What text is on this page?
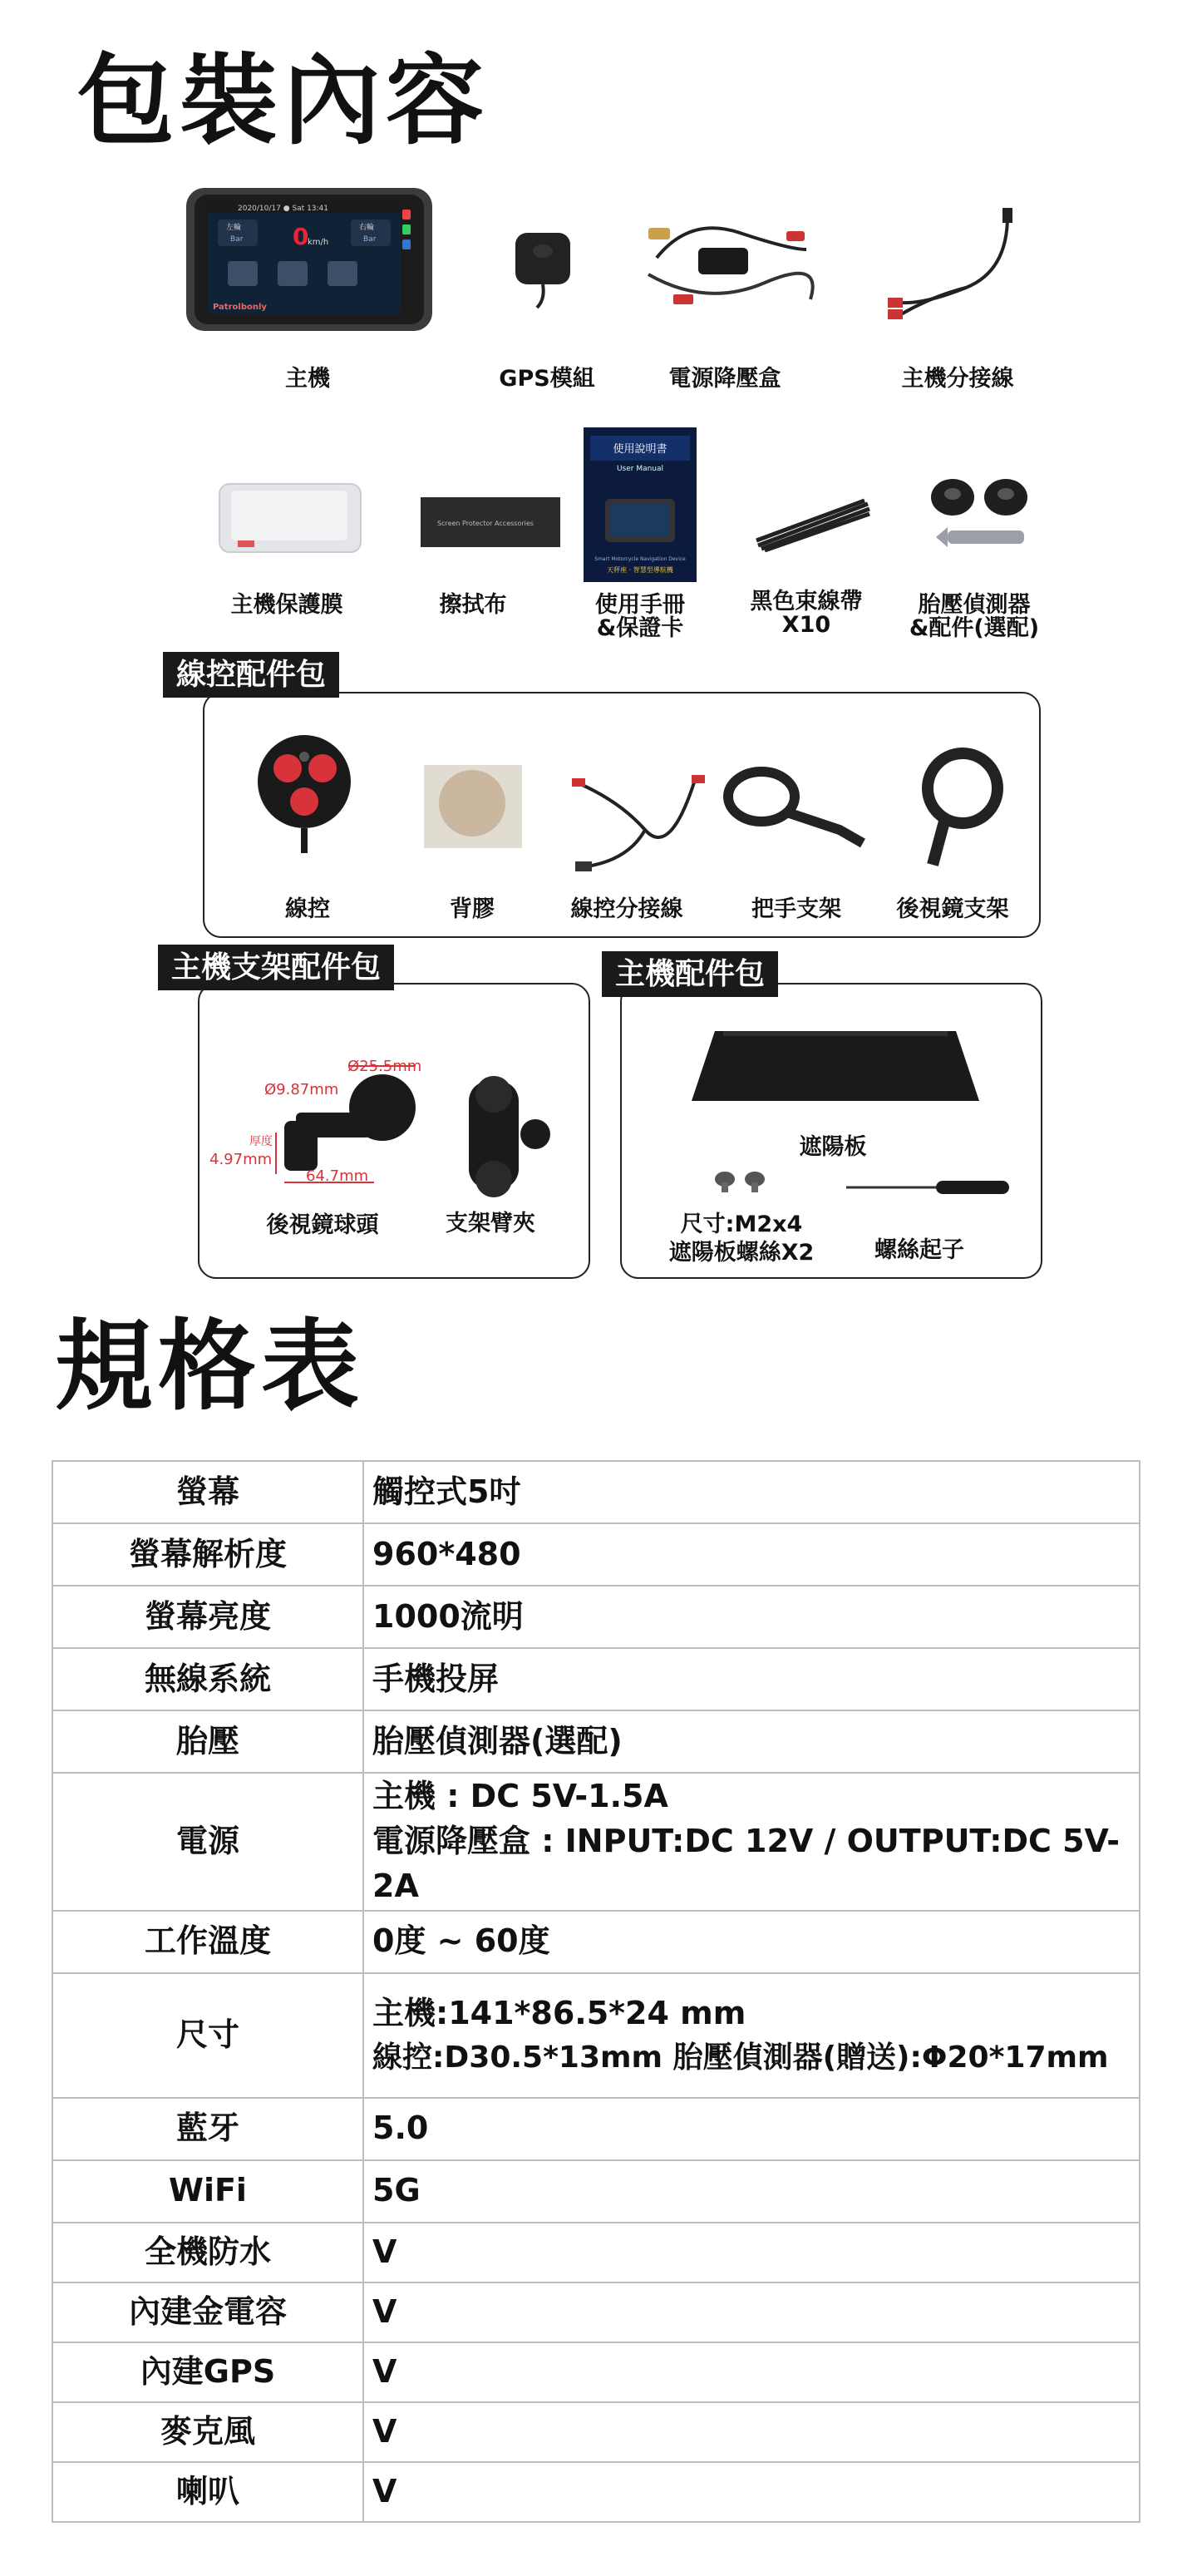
包裝內容
2020/10/17 ● Sat 13:41
左輪
Bar
右輪
Bar
0
km/h
Patrolbonly
主機	GPS模組	電源降壓盒	主機分接線
Screen Protector Accessories
使用說明書
User Manual
Smart Motorcycle Navigation Device
天秤座 · 智慧型導航機
主機保護膜	擦拭布	使用手冊
&保證卡
黑色束線帶
X10
胎壓偵測器
&配件(選配)
線控配件包
線控	背膠	線控分接線	把手支架 後視鏡支架
主機支架配件包
Ø25.5mm
Ø9.87mm
厚度
4.97mm
64.7mm
後視鏡球頭	支架臂夾
主機配件包
遮陽板
尺寸:M2x4
遮陽板螺絲X2	螺絲起子
規格表
螢幕	觸控式5吋
螢幕解析度	960*480
螢幕亮度	1000流明
無線系統	手機投屏
胎壓	胎壓偵測器(選配)
電源	主機 : DC 5V-1.5A
電源降壓盒 : INPUT:DC 12V / OUTPUT:DC 5V-2A

工作溫度	0度 ~ 60度
尺寸	主機:141*86.5*24 mm
線控:D30.5*13mm 胎壓偵測器(贈送):Φ20*17mm

藍牙	5.0
WiFi	5G
全機防水	V
內建金電容	V
內建GPS	V
麥克風	V
喇叭	V
